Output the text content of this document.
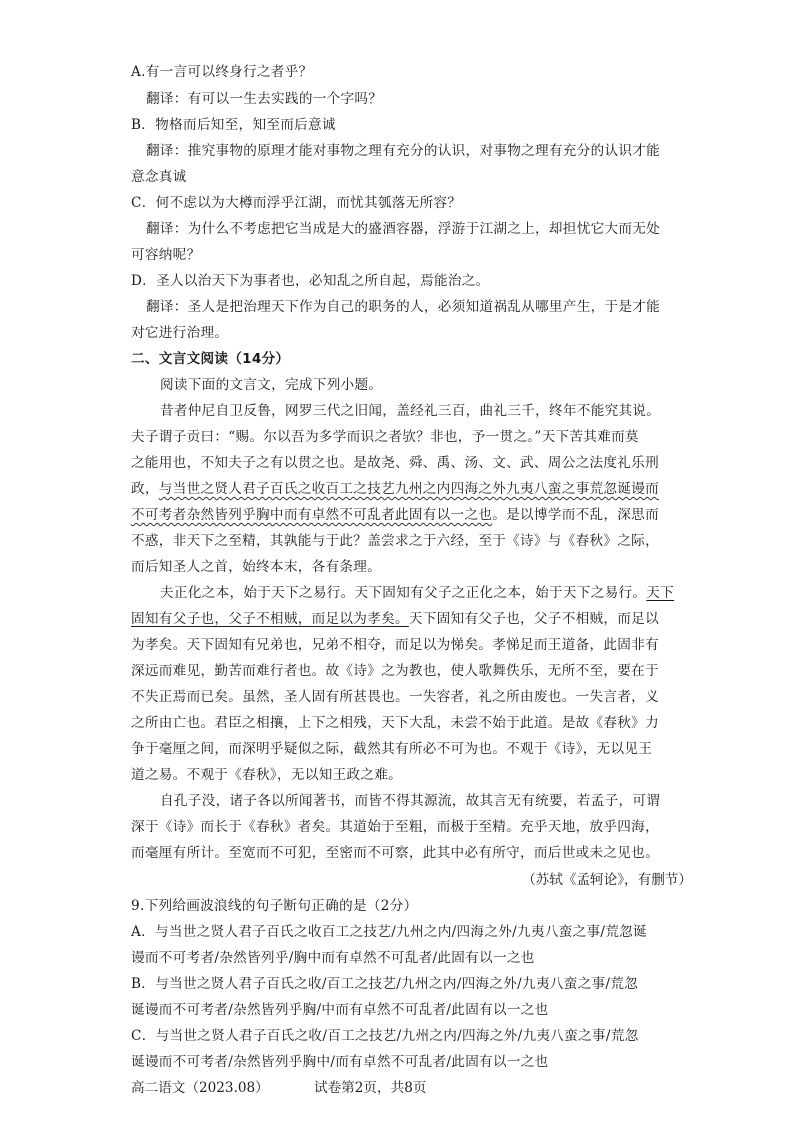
A.有一言可以终身行之者乎？
翻译：有可以一生去实践的一个字吗？
B．物格而后知至，知至而后意诚
翻译：推究事物的原理才能对事物之理有充分的认识，对事物之理有充分的认识才能
意念真诚
C．何不虑以为大樽而浮乎江湖，而忧其瓠落无所容？
翻译：为什么不考虑把它当成是大的盛酒容器，浮游于江湖之上，却担忧它大而无处
可容纳呢？
D．圣人以治天下为事者也，必知乱之所自起，焉能治之。
翻译：圣人是把治理天下作为自己的职务的人，必须知道祸乱从哪里产生，于是才能
对它进行治理。
二、文言文阅读（14分）
阅读下面的文言文，完成下列小题。
昔者仲尼自卫反鲁，网罗三代之旧闻，盖经礼三百，曲礼三千，终年不能究其说。
夫子谓子贡曰：“赐。尔以吾为多学而识之者欤？非也，予一贯之。”天下苦其难而莫
之能用也，不知夫子之有以贯之也。是故尧、舜、禹、汤、文、武、周公之法度礼乐刑
政，与当世之贤人君子百氏之收百工之技艺九州之内四海之外九夷八蛮之事荒忽诞谩而
不可考者杂然皆列乎胸中而有卓然不可乱者此固有以一之也。是以博学而不乱，深思而
不惑，非天下之至精，其孰能与于此？盖尝求之于六经，至于《诗》与《春秋》之际，
而后知圣人之首，始终本末，各有条理。
夫正化之本，始于天下之易行。天下固知有父子之正化之本，始于天下之易行。天下
固知有父子也，父子不相贼，而足以为孝矣。天下固知有父子也，父子不相贼，而足以
为孝矣。天下固知有兄弟也，兄弟不相夺，而足以为悌矣。孝悌足而王道备，此固非有
深远而难见，勤苦而难行者也。故《诗》之为教也，使人歌舞佚乐，无所不至，要在于
不失正焉而已矣。虽然，圣人固有所甚畏也。一失容者，礼之所由废也。一失言者，义
之所由亡也。君臣之相攘，上下之相残，天下大乱，未尝不始于此道。是故《春秋》力
争于毫厘之间，而深明乎疑似之际，截然其有所必不可为也。不观于《诗》，无以见王
道之易。不观于《春秋》，无以知王政之难。
自孔子没，诸子各以所闻著书，而皆不得其源流，故其言无有统要，若孟子，可谓
深于《诗》而长于《春秋》者矣。其道始于至粗，而极于至精。充乎天地，放乎四海，
而毫厘有所计。至宽而不可犯，至密而不可察，此其中必有所守，而后世或未之见也。
（苏轼《孟轲论》，有删节）
9.下列给画波浪线的句子断句正确的是（2分）
A．与当世之贤人君子百氏之收百工之技艺/九州之内/四海之外/九夷八蛮之事/荒忽诞
谩而不可考者/杂然皆列乎/胸中而有卓然不可乱者/此固有以一之也
B．与当世之贤人君子百氏之收/百工之技艺/九州之内/四海之外/九夷八蛮之事/荒忽
诞谩而不可考者/杂然皆列乎胸/中而有卓然不可乱者/此固有以一之也
C．与当世之贤人君子百氏之收/百工之技艺/九州之内/四海之外/九夷八蛮之事/荒忽
诞谩而不可考者/杂然皆列乎胸中/而有卓然不可乱者/此固有以一之也
高二语文（2023.08）	试卷第2页，共8页
